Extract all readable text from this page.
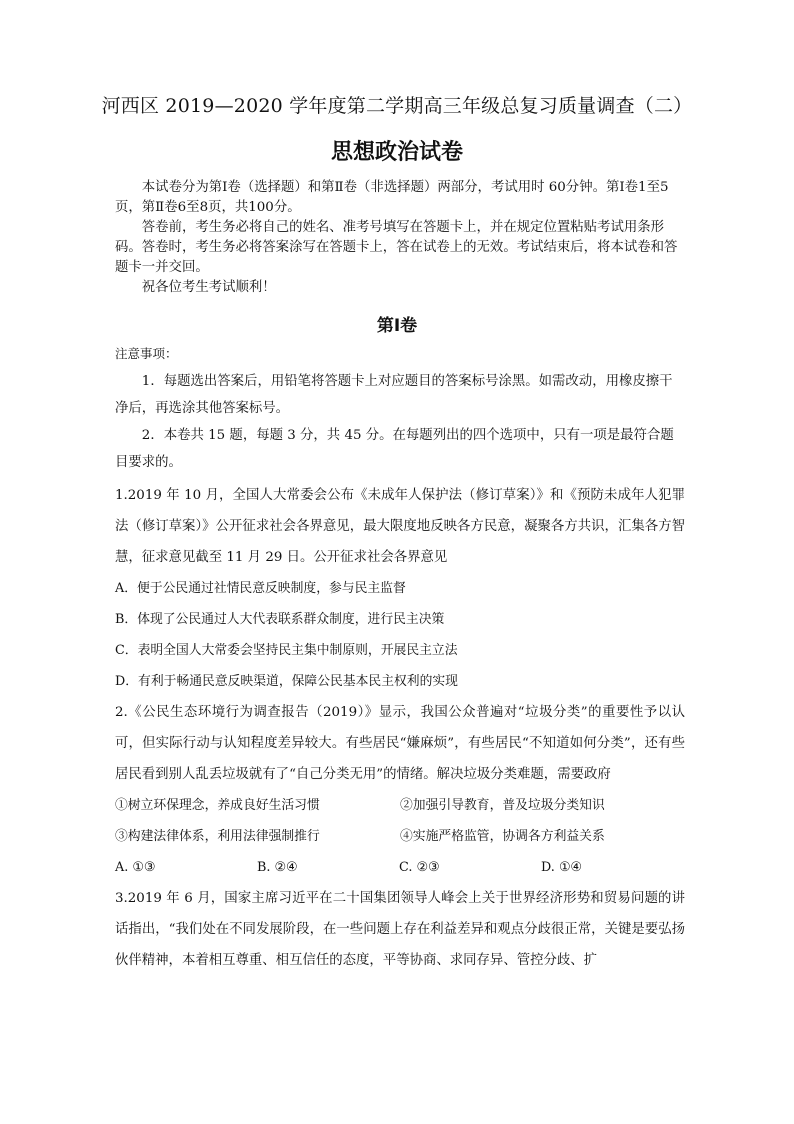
河西区 2019—2020 学年度第二学期高三年级总复习质量调查（二）
思想政治试卷
本试卷分为第Ⅰ卷（选择题）和第Ⅱ卷（非选择题）两部分，考试用时 60分钟。第Ⅰ卷1至5页，第Ⅱ卷6至8页，共100分。
答卷前，考生务必将自己的姓名、准考号填写在答题卡上，并在规定位置粘贴考试用条形码。答卷时，考生务必将答案涂写在答题卡上，答在试卷上的无效。考试结束后，将本试卷和答题卡一并交回。
祝各位考生考试顺利！
第Ⅰ卷
注意事项：
1．每题选出答案后，用铅笔将答题卡上对应题目的答案标号涂黑。如需改动，用橡皮擦干净后，再选涂其他答案标号。
2．本卷共 15 题，每题 3 分，共 45 分。在每题列出的四个选项中，只有一项是最符合题目要求的。
1.2019 年 10 月，全国人大常委会公布《未成年人保护法（修订草案）》和《预防未成年人犯罪法（修订草案）》公开征求社会各界意见，最大限度地反映各方民意，凝聚各方共识，汇集各方智慧，征求意见截至 11 月 29 日。公开征求社会各界意见
A．便于公民通过社情民意反映制度，参与民主监督
B．体现了公民通过人大代表联系群众制度，进行民主决策
C．表明全国人大常委会坚持民主集中制原则，开展民主立法
D．有利于畅通民意反映渠道，保障公民基本民主权利的实现
2.《公民生态环境行为调查报告（2019）》显示，我国公众普遍对“垃圾分类”的重要性予以认可，但实际行动与认知程度差异较大。有些居民“嫌麻烦”，有些居民“不知道如何分类”，还有些居民看到别人乱丢垃圾就有了“自己分类无用”的情绪。解决垃圾分类难题，需要政府
①树立环保理念，养成良好生活习惯	②加强引导教育，普及垃圾分类知识
③构建法律体系，利用法律强制推行	④实施严格监管，协调各方利益关系
A. ①③	B. ②④	C. ②③	D. ①④
3.2019 年 6 月，国家主席习近平在二十国集团领导人峰会上关于世界经济形势和贸易问题的讲话指出，“我们处在不同发展阶段，在一些问题上存在利益差异和观点分歧很正常，关键是要弘扬伙伴精神，本着相互尊重、相互信任的态度，平等协商、求同存异、管控分歧、扩
